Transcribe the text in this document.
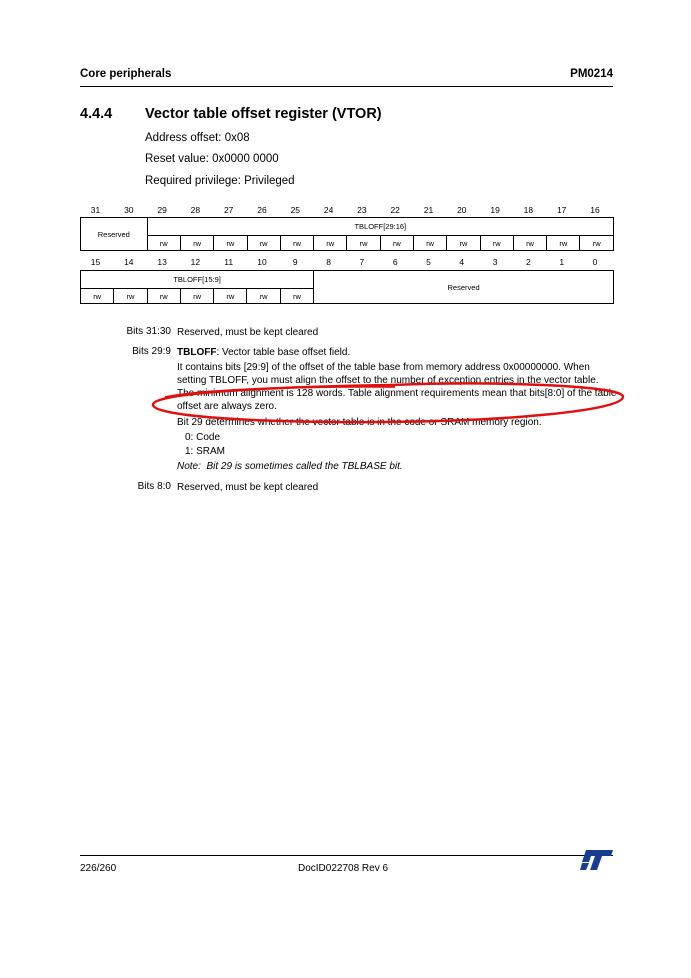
Core peripherals	PM0214
4.4.4 Vector table offset register (VTOR)
Address offset: 0x08
Reset value: 0x0000 0000
Required privilege: Privileged
31	30	29	28	27	26	25	24	23	22	21	20	19	18	17	16
Reserved	TBLOFF[29:16]													
	rw	rw	rw	rw	rw	rw	rw	rw	rw	rw	rw	rw	rw	rw
15	14	13	12	11	10	9	8	7	6	5	4	3	2	1	0
TBLOFF[15:9]							Reserved
rw	rw	rw	rw	rw	rw	rw	
Bits 31:30 Reserved, must be kept cleared
Bits 29:9 TBLOFF: Vector table base offset field.
It contains bits [29:9] of the offset of the table base from memory address 0x00000000. When setting TBLOFF, you must align the offset to the number of exception entries in the vector table. The minimum alignment is 128 words. Table alignment requirements mean that bits[8:0] of the table offset are always zero.
Bit 29 determines whether the vector table is in the code or SRAM memory region.
0: Code
1: SRAM
Note: Bit 29 is sometimes called the TBLBASE bit.
Bits 8:0 Reserved, must be kept cleared
226/260	DocID022708 Rev 6
